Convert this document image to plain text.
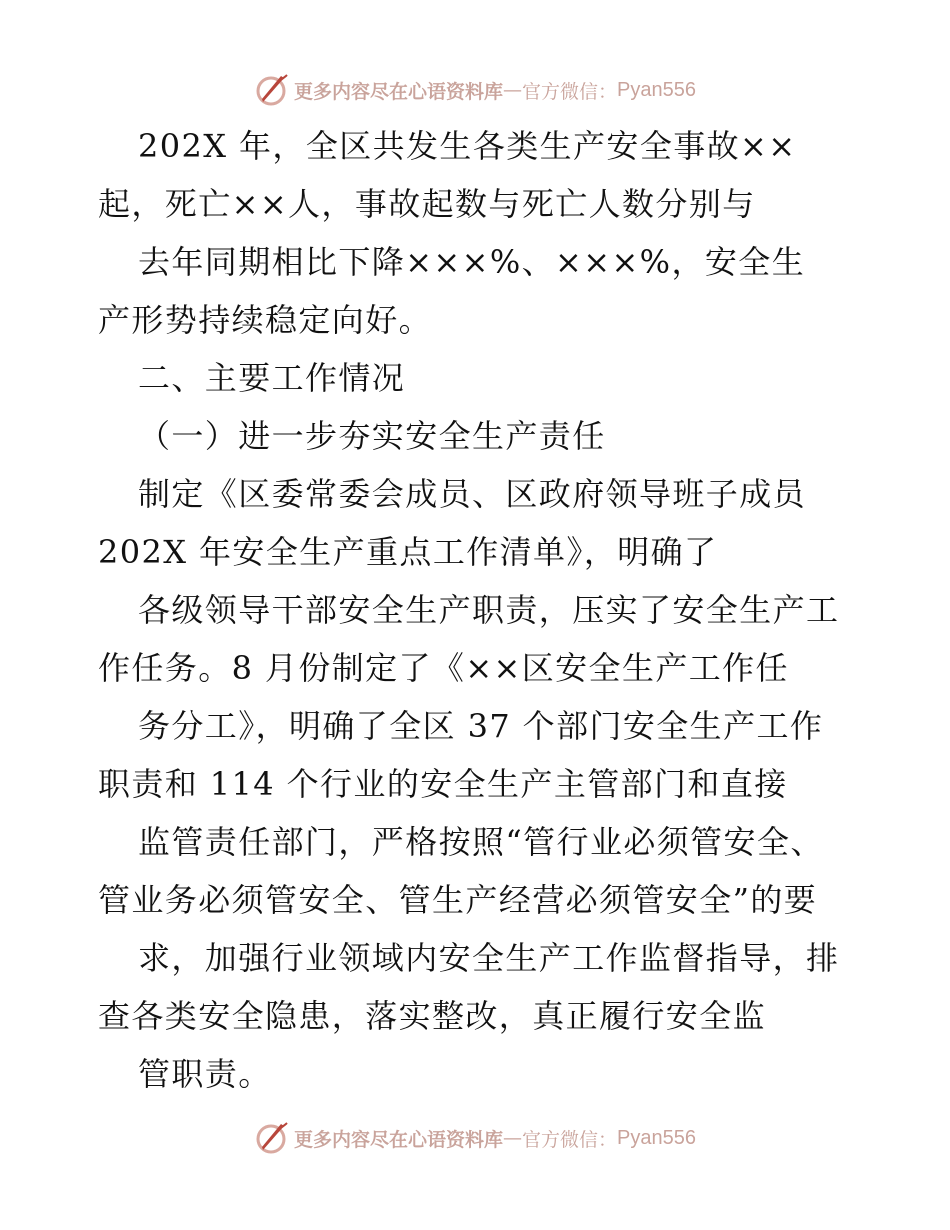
更多内容尽在心语资料库 — 官方微信： Pyan556
202X 年，全区共发生各类生产安全事故××
起，死亡××人，事故起数与死亡人数分别与
去年同期相比下降×××%、×××%，安全生
产形势持续稳定向好。
二、主要工作情况
（一）进一步夯实安全生产责任
制定《区委常委会成员、区政府领导班子成员
202X 年安全生产重点工作清单》，明确了
各级领导干部安全生产职责，压实了安全生产工
作任务。8 月份制定了《××区安全生产工作任
务分工》，明确了全区 37 个部门安全生产工作
职责和 114 个行业的安全生产主管部门和直接
监管责任部门，严格按照“管行业必须管安全、
管业务必须管安全、管生产经营必须管安全”的要
求，加强行业领域内安全生产工作监督指导，排
查各类安全隐患，落实整改，真正履行安全监
管职责。
更多内容尽在心语资料库 — 官方微信： Pyan556
